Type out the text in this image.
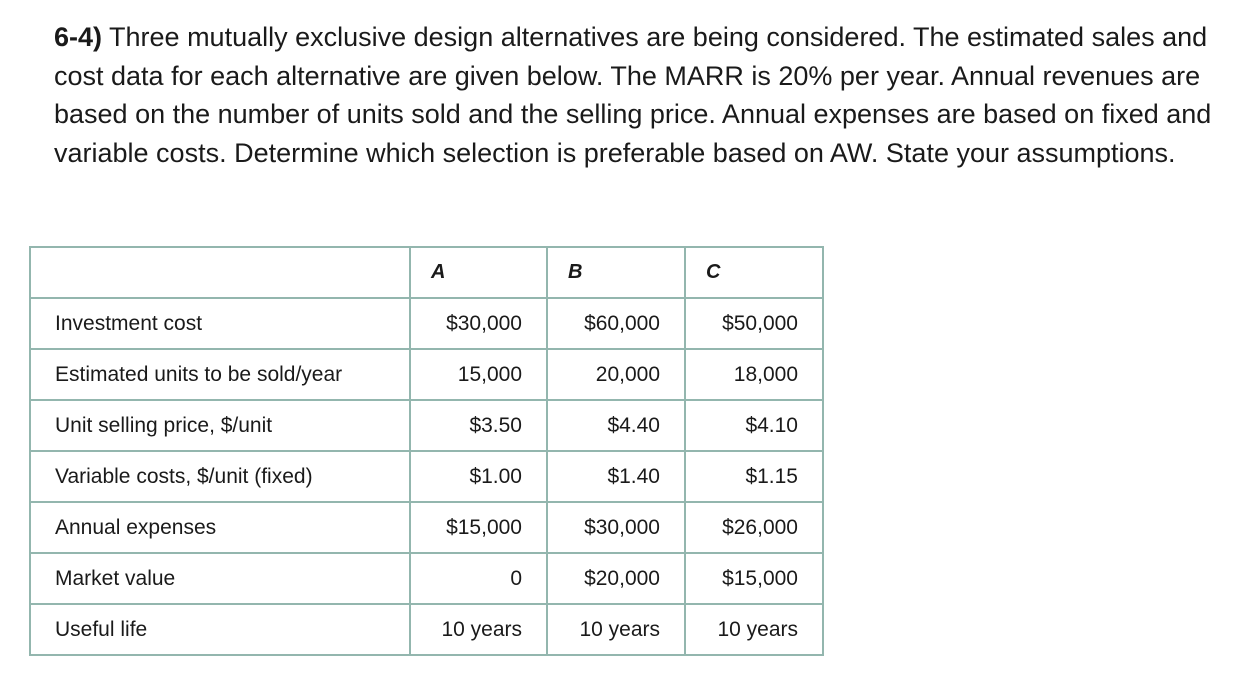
6-4) Three mutually exclusive design alternatives are being considered. The estimated sales and cost data for each alternative are given below. The MARR is 20% per year. Annual revenues are based on the number of units sold and the selling price. Annual expenses are based on fixed and variable costs. Determine which selection is preferable based on AW. State your assumptions.

	A	B	C
Investment cost	$30,000	$60,000	$50,000
Estimated units to be sold/year	15,000	20,000	18,000
Unit selling price, $/unit	$3.50	$4.40	$4.10
Variable costs, $/unit (fixed)	$1.00	$1.40	$1.15
Annual expenses	$15,000	$30,000	$26,000
Market value	0	$20,000	$15,000
Useful life	10 years	10 years	10 years
